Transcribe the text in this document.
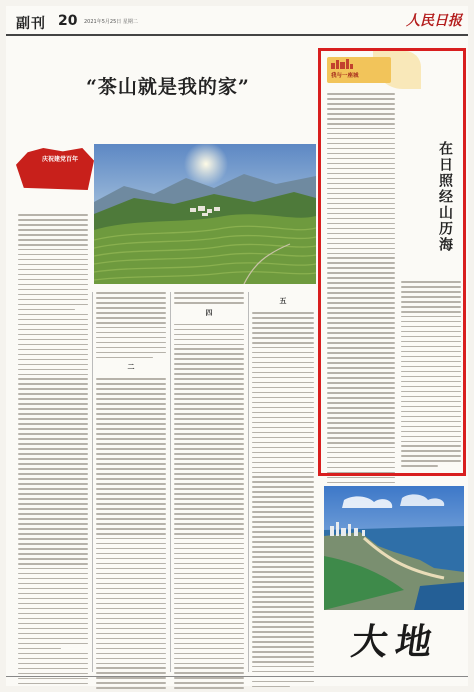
副刊 20 2021年5月25日 星期二	人民日报
“茶山就是我的家”
庆祝建党百年
二
四
五
我与一座城
在日照经山历海
大地
